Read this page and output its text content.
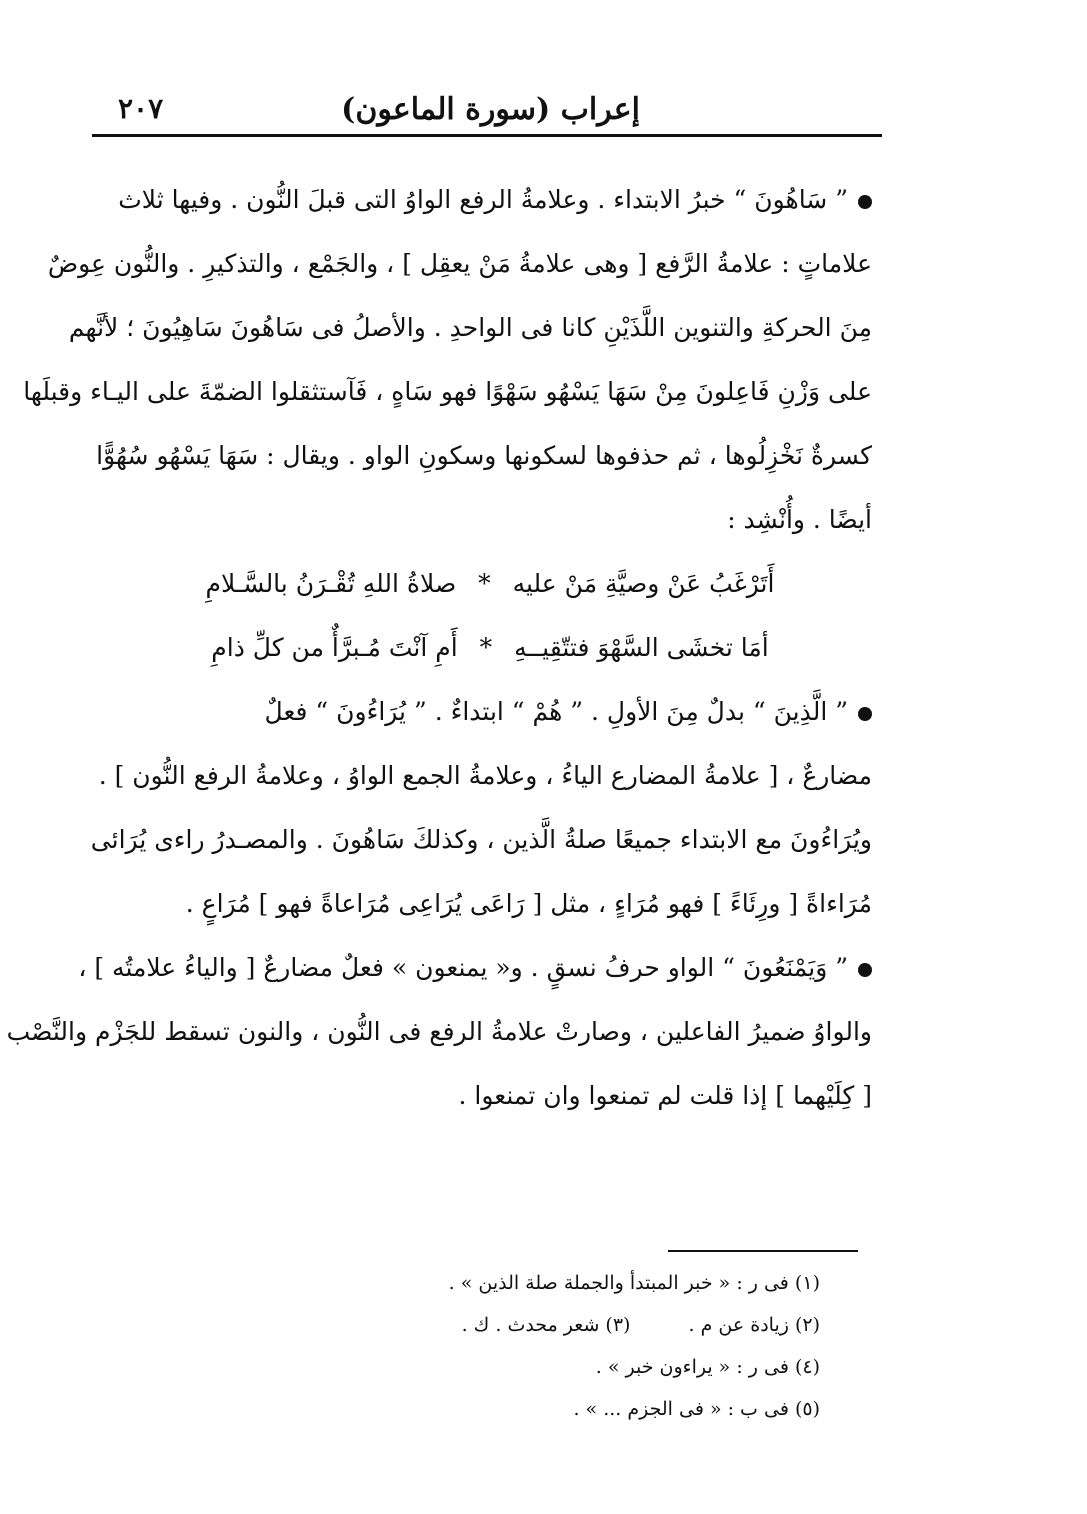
إعراب (سورة الماعون)
٢٠٧
” سَاهُونَ “ خبرُ الابتداء . وعلامةُ الرفع الواوُ التى قبلَ النُّون . وفيها ثلاث
علاماتٍ : علامةُ الرَّفع [ وهى علامةُ مَنْ يعقِل ] ، والجَمْع ، والتذكيرِ . والنُّون عِوضٌ
مِنَ الحركةِ والتنوين اللَّذَيْنِ كانا فى الواحدِ . والأصلُ فى سَاهُونَ سَاهِيُونَ ؛ لأنَّهم
على وَزْنِ فَاعِلونَ مِنْ سَهَا يَسْهُو سَهْوًا فهو سَاهٍ ، فَآستثقلوا الضمّةَ على اليـاء وقبلَها
كسرةٌ نَخْزِلُوها ، ثم حذفوها لسكونها وسكونِ الواو . ويقال : سَهَا يَسْهُو سُهُوًّا
أيضًا . وأُنْشِد :
أَتَرْغَبُ عَنْ وصيَّةِ مَنْ عليه * صلاةُ اللهِ تُقْـرَنُ بالسَّـلامِ
أمَا تخشَى السَّهْوَ فتتّقِيــهِ * أَمِ آنْتَ مُـبرَّأٌ من كلِّ ذامِ
” الَّذِينَ “ بدلٌ مِنَ الأولِ . ” هُمْ “ ابتداءٌ . ” يُرَاءُونَ “ فعلٌ
مضارعٌ ، [ علامةُ المضارع الياءُ ، وعلامةُ الجمع الواوُ ، وعلامةُ الرفع النُّون ] .
ويُرَاءُونَ مع الابتداء جميعًا صلةُ الَّذين ، وكذلكَ سَاهُونَ . والمصـدرُ راءى يُرَائى
مُرَاءاةً [ ورِئَاءً ] فهو مُرَاءٍ ، مثل [ رَاعَى يُرَاعِى مُرَاعاةً فهو ] مُرَاعٍ .
” وَيَمْنَعُونَ “ الواو حرفُ نسقٍ . و« يمنعون » فعلٌ مضارعٌ [ والياءُ علامتُه ] ،
والواوُ ضميرُ الفاعلين ، وصارتْ علامةُ الرفع فى النُّون ، والنون تسقط للجَزْم والنَّصْب
[ كِلَيْهما ] إذا قلت لم تمنعوا وان تمنعوا .
(١) فى ر : « خبر المبتدأ والجملة صلة الذين » .
(٢) زيادة عن م . (٣) شعر محدث . ك .
(٤) فى ر : « يراءون خبر » .
(٥) فى ب : « فى الجزم ... » .
